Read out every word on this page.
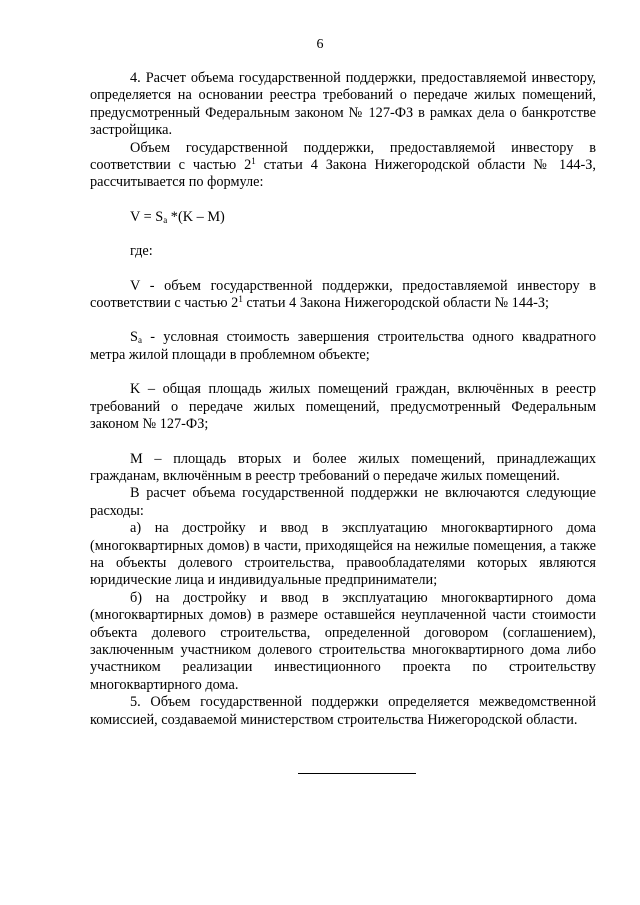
6

4. Расчет объема государственной поддержки, предоставляемой инвестору, определяется на основании реестра требований о передаче жилых помещений, предусмотренный Федеральным законом № 127-ФЗ в рамках дела о банкротстве застройщика.

Объем государственной поддержки, предоставляемой инвестору в соответствии с частью $2^1$ статьи 4 Закона Нижегородской области № 144-З, рассчитывается по формуле:

$V = S_a$ *(K – M)

где:

V - объем государственной поддержки, предоставляемой инвестору в соответствии с частью $2^1$ статьи 4 Закона Нижегородской области № 144-З;

$S_a$ - условная стоимость завершения строительства одного квадратного метра жилой площади в проблемном объекте;

K – общая площадь жилых помещений граждан, включённых в реестр требований о передаче жилых помещений, предусмотренный Федеральным законом № 127-ФЗ;

M – площадь вторых и более жилых помещений, принадлежащих гражданам, включённым в реестр требований о передаче жилых помещений.

В расчет объема государственной поддержки не включаются следующие расходы:

а) на достройку и ввод в эксплуатацию многоквартирного дома (многоквартирных домов) в части, приходящейся на нежилые помещения, а также на объекты долевого строительства, правообладателями которых являются юридические лица и индивидуальные предприниматели;

б) на достройку и ввод в эксплуатацию многоквартирного дома (многоквартирных домов) в размере оставшейся неуплаченной части стоимости объекта долевого строительства, определенной договором (соглашением), заключенным участником долевого строительства многоквартирного дома либо участником реализации инвестиционного проекта по строительству многоквартирного дома.

5. Объем государственной поддержки определяется межведомственной комиссией, создаваемой министерством строительства Нижегородской области.
